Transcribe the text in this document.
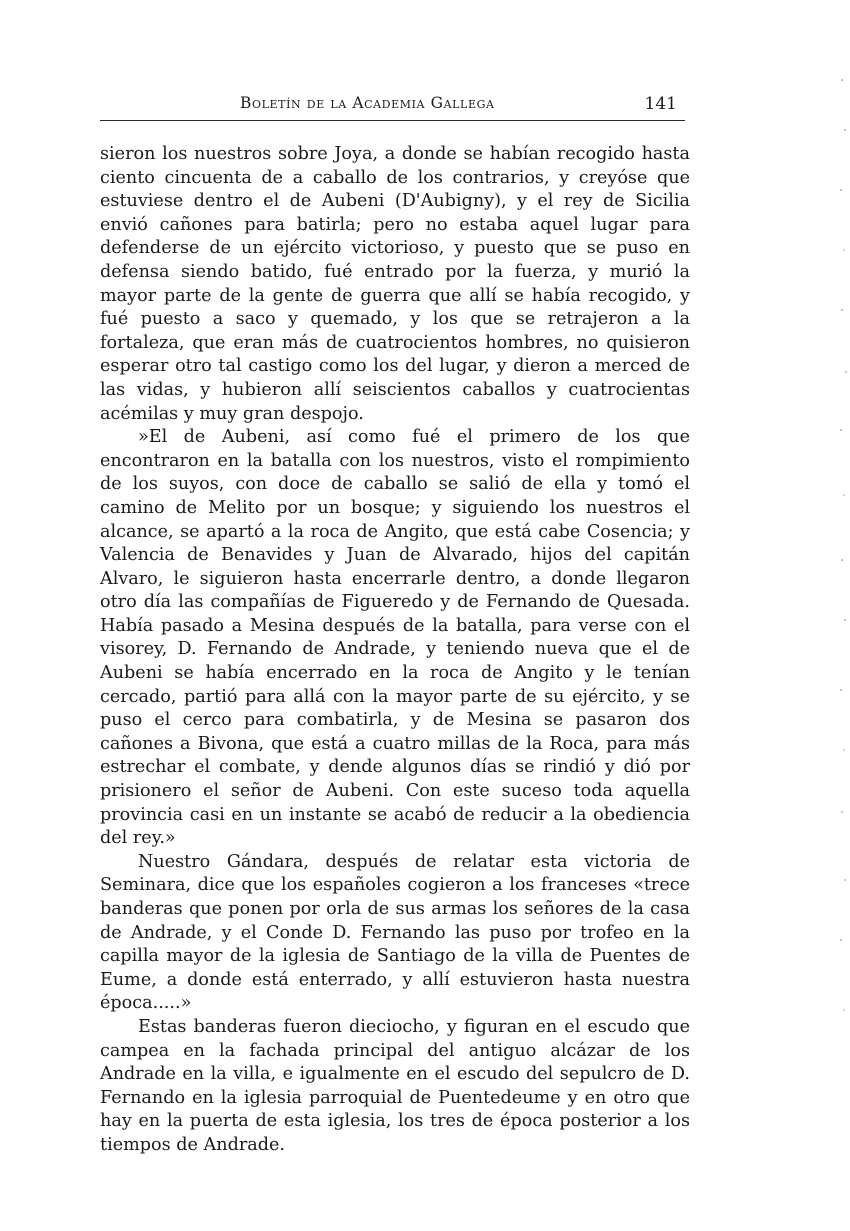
Boletín de la Academia Gallega	141

sieron los nuestros sobre Joya, a donde se habían recogido hasta ciento cincuenta de a caballo de los contrarios, y creyóse que estuviese dentro el de Aubeni (D'Aubigny), y el rey de Sicilia envió cañones para batirla; pero no estaba aquel lugar para defenderse de un ejército victorioso, y puesto que se puso en defensa siendo batido, fué entrado por la fuerza, y murió la mayor parte de la gente de guerra que allí se había recogido, y fué puesto a saco y quemado, y los que se retrajeron a la fortaleza, que eran más de cuatrocientos hombres, no quisieron esperar otro tal castigo como los del lugar, y dieron a merced de las vidas, y hubieron allí seiscientos caballos y cuatrocientas acémilas y muy gran despojo.

»El de Aubeni, así como fué el primero de los que encontraron en la batalla con los nuestros, visto el rompimiento de los suyos, con doce de caballo se salió de ella y tomó el camino de Melito por un bosque; y siguiendo los nuestros el alcance, se apartó a la roca de Angito, que está cabe Cosencia; y Valencia de Benavides y Juan de Alvarado, hijos del capitán Alvaro, le siguieron hasta encerrarle dentro, a donde llegaron otro día las compañías de Figueredo y de Fernando de Quesada. Había pasado a Mesina después de la batalla, para verse con el visorey, D. Fernando de Andrade, y teniendo nueva que el de Aubeni se había encerrado en la roca de Angito y le tenían cercado, partió para allá con la mayor parte de su ejército, y se puso el cerco para combatirla, y de Mesina se pasaron dos cañones a Bivona, que está a cuatro millas de la Roca, para más estrechar el combate, y dende algunos días se rindió y dió por prisionero el señor de Aubeni. Con este suceso toda aquella provincia casi en un instante se acabó de reducir a la obediencia del rey.»

Nuestro Gándara, después de relatar esta victoria de Seminara, dice que los españoles cogieron a los franceses «trece banderas que ponen por orla de sus armas los señores de la casa de Andrade, y el Conde D. Fernando las puso por trofeo en la capilla mayor de la iglesia de Santiago de la villa de Puentes de Eume, a donde está enterrado, y allí estuvieron hasta nuestra época.....»

Estas banderas fueron dieciocho, y figuran en el escudo que campea en la fachada principal del antiguo alcázar de los Andrade en la villa, e igualmente en el escudo del sepulcro de D. Fernando en la iglesia parroquial de Puentedeume y en otro que hay en la puerta de esta iglesia, los tres de época posterior a los tiempos de Andrade.
